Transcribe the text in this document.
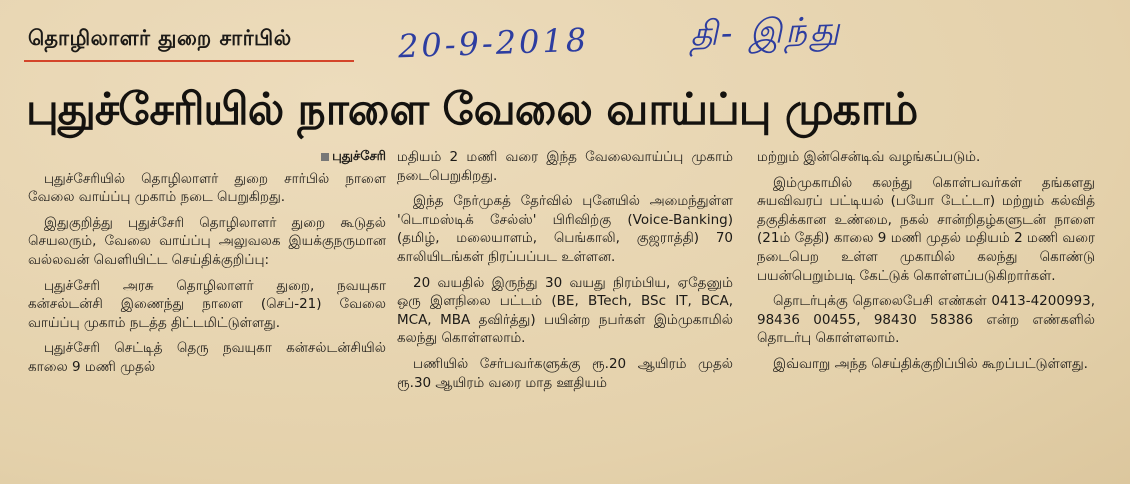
தொழிலாளர் துறை சார்பில்	20-9-2018	தி- இந்து
புதுச்சேரியில் நாளை வேலை வாய்ப்பு முகாம்
புதுச்சேரி

புதுச்சேரியில் தொழிலாளர் துறை சார்பில் நாளை வேலை வாய்ப்பு முகாம் நடை பெறுகிறது.

இதுகுறித்து புதுச்சேரி தொழிலாளர் துறை கூடுதல் செயலரும், வேலை வாய்ப்பு அலுவலக இயக்குநருமான வல்லவன் வெளியிட்ட செய்திக்குறிப்பு:

புதுச்சேரி அரசு தொழிலாளர் துறை, நவயுகா கன்சல்டன்சி இணைந்து நாளை (செப்-21) வேலை வாய்ப்பு முகாம் நடத்த திட்டமிட்டுள்ளது.

புதுச்சேரி செட்டித் தெரு நவயுகா கன்சல்டன்சியில் காலை 9 மணி முதல்

மதியம் 2 மணி வரை இந்த வேலைவாய்ப்பு முகாம் நடைபெறுகிறது.

இந்த நேர்முகத் தேர்வில் புனேயில் அமைந்துள்ள 'டொமஸ்டிக் சேல்ஸ்' பிரிவிற்கு (Voice-Banking) (தமிழ், மலையாளம், பெங்காலி, குஜராத்தி) 70 காலியிடங்கள் நிரப்பப்பட உள்ளன.

20 வயதில் இருந்து 30 வயது நிரம்பிய, ஏதேனும் ஒரு இளநிலை பட்டம் (BE, BTech, BSc IT, BCA, MCA, MBA தவிர்த்து) பயின்ற நபர்கள் இம்முகாமில் கலந்து கொள்ளலாம்.

பணியில் சேர்பவர்களுக்கு ரூ.20 ஆயிரம் முதல் ரூ.30 ஆயிரம் வரை மாத ஊதியம்

மற்றும் இன்சென்டிவ் வழங்கப்படும்.

இம்முகாமில் கலந்து கொள்பவர்கள் தங்களது சுயவிவரப் பட்டியல் (பயோ டேட்டா) மற்றும் கல்வித் தகுதிக்கான உண்மை, நகல் சான்றிதழ்களுடன் நாளை (21ம் தேதி) காலை 9 மணி முதல் மதியம் 2 மணி வரை நடைபெற உள்ள முகாமில் கலந்து கொண்டு பயன்பெறும்படி கேட்டுக் கொள்ளப்படுகிறார்கள்.

தொடர்புக்கு தொலைபேசி எண்கள் 0413-4200993, 98436 00455, 98430 58386 என்ற எண்களில் தொடர்பு கொள்ளலாம்.

இவ்வாறு அந்த செய்திக்குறிப்பில் கூறப்பட்டுள்ளது.
